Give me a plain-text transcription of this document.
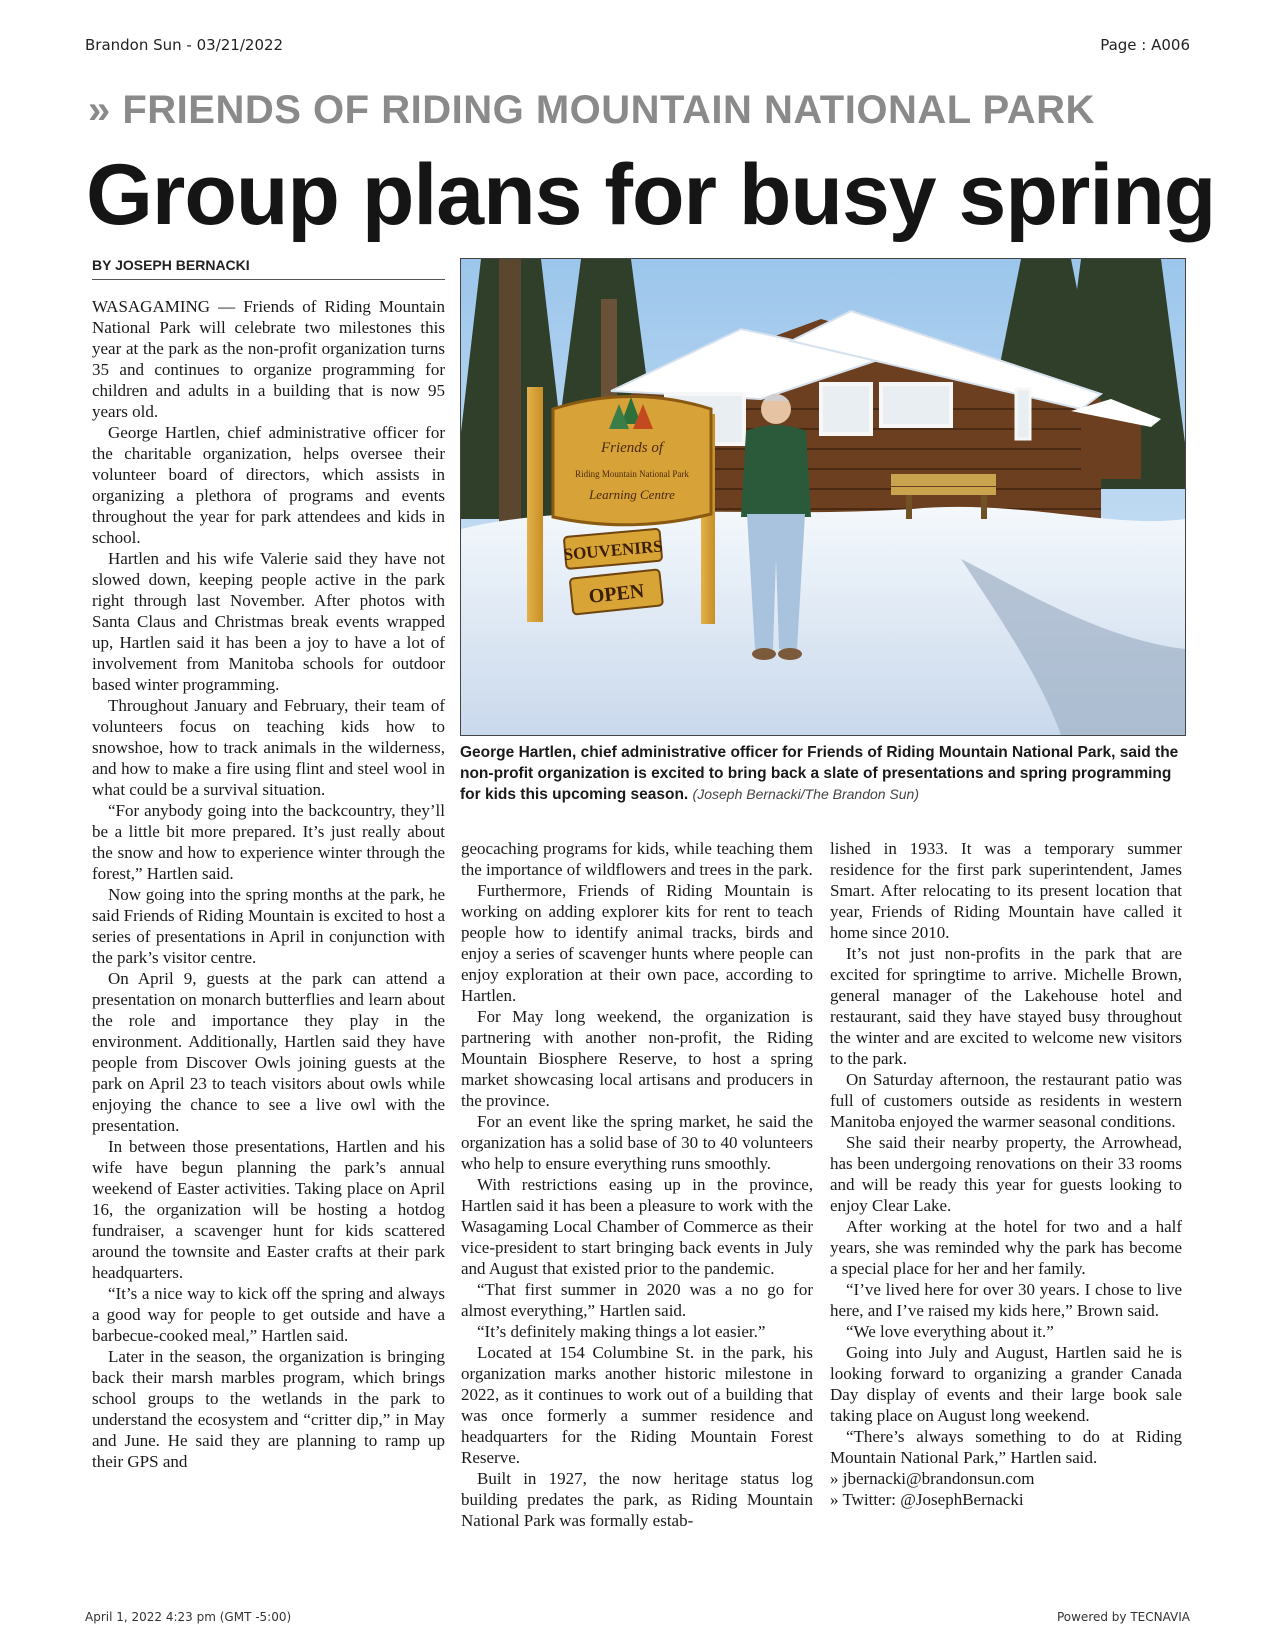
Brandon Sun - 03/21/2022	Page : A006
» FRIENDS OF RIDING MOUNTAIN NATIONAL PARK
Group plans for busy spring
BY JOSEPH BERNACKI

WASAGAMING — Friends of Riding Mountain National Park will celebrate two milestones this year at the park as the non-profit organization turns 35 and continues to organize programming for children and adults in a building that is now 95 years old.

George Hartlen, chief administrative officer for the charitable organization, helps oversee their volunteer board of directors, which assists in organizing a plethora of programs and events throughout the year for park attendees and kids in school.

Hartlen and his wife Valerie said they have not slowed down, keeping people active in the park right through last November. After photos with Santa Claus and Christmas break events wrapped up, Hartlen said it has been a joy to have a lot of involvement from Manitoba schools for outdoor based winter programming.

Throughout January and February, their team of volunteers focus on teaching kids how to snowshoe, how to track animals in the wilderness, and how to make a fire using flint and steel wool in what could be a survival situation.

“For anybody going into the backcountry, they’ll be a little bit more prepared. It’s just really about the snow and how to experience winter through the forest,” Hartlen said.

Now going into the spring months at the park, he said Friends of Riding Mountain is excited to host a series of presentations in April in conjunction with the park’s visitor centre.

On April 9, guests at the park can attend a presentation on monarch butterflies and learn about the role and importance they play in the environment. Additionally, Hartlen said they have people from Discover Owls joining guests at the park on April 23 to teach visitors about owls while enjoying the chance to see a live owl with the presentation.

In between those presentations, Hartlen and his wife have begun planning the park’s annual weekend of Easter activities. Taking place on April 16, the organization will be hosting a hotdog fundraiser, a scavenger hunt for kids scattered around the townsite and Easter crafts at their park headquarters.

“It’s a nice way to kick off the spring and always a good way for people to get outside and have a barbecue-cooked meal,” Hartlen said.

Later in the season, the organization is bringing back their marsh marbles program, which brings school groups to the wetlands in the park to understand the ecosystem and “critter dip,” in May and June. He said they are planning to ramp up their GPS and

Friends of
Riding Mountain National Park
Learning Centre
SOUVENIRS
OPEN
George Hartlen, chief administrative officer for Friends of Riding Mountain National Park, said the non-profit organization is excited to bring back a slate of presentations and spring programming for kids this upcoming season. (Joseph Bernacki/The Brandon Sun)

geocaching programs for kids, while teaching them the importance of wildflowers and trees in the park.

Furthermore, Friends of Riding Mountain is working on adding explorer kits for rent to teach people how to identify animal tracks, birds and enjoy a series of scavenger hunts where people can enjoy exploration at their own pace, according to Hartlen.

For May long weekend, the organization is partnering with another non-profit, the Riding Mountain Biosphere Reserve, to host a spring market showcasing local artisans and producers in the province.

For an event like the spring market, he said the organization has a solid base of 30 to 40 volunteers who help to ensure everything runs smoothly.

With restrictions easing up in the province, Hartlen said it has been a pleasure to work with the Wasagaming Local Chamber of Commerce as their vice-president to start bringing back events in July and August that existed prior to the pandemic.

“That first summer in 2020 was a no go for almost everything,” Hartlen said.

“It’s definitely making things a lot easier.”

Located at 154 Columbine St. in the park, his organization marks another historic milestone in 2022, as it continues to work out of a building that was once formerly a summer residence and headquarters for the Riding Mountain Forest Reserve.

Built in 1927, the now heritage status log building predates the park, as Riding Mountain National Park was formally estab-

lished in 1933. It was a temporary summer residence for the first park superintendent, James Smart. After relocating to its present location that year, Friends of Riding Mountain have called it home since 2010.

It’s not just non-profits in the park that are excited for springtime to arrive. Michelle Brown, general manager of the Lakehouse hotel and restaurant, said they have stayed busy throughout the winter and are excited to welcome new visitors to the park.

On Saturday afternoon, the restaurant patio was full of customers outside as residents in western Manitoba enjoyed the warmer seasonal conditions.

She said their nearby property, the Arrowhead, has been undergoing renovations on their 33 rooms and will be ready this year for guests looking to enjoy Clear Lake.

After working at the hotel for two and a half years, she was reminded why the park has become a special place for her and her family.

“I’ve lived here for over 30 years. I chose to live here, and I’ve raised my kids here,” Brown said.

“We love everything about it.”

Going into July and August, Hartlen said he is looking forward to organizing a grander Canada Day display of events and their large book sale taking place on August long weekend.

“There’s always something to do at Riding Mountain National Park,” Hartlen said.

» jbernacki@brandonsun.com

» Twitter: @JosephBernacki

April 1, 2022 4:23 pm (GMT -5:00)	Powered by TECNAVIA
